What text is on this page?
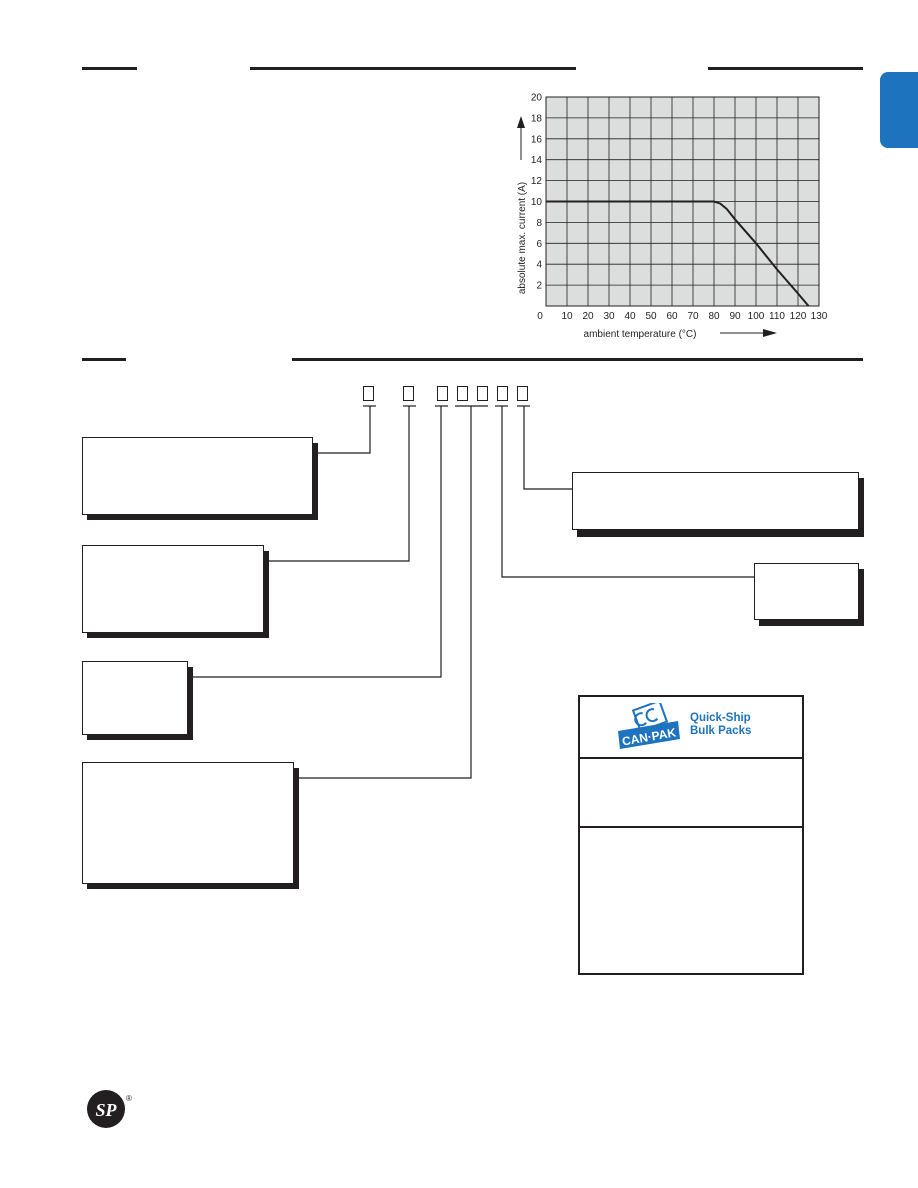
0 10 20 30 40 50 60 70 80 90 100 110 120 130
2
4
6
8
10
12
14
16
18
20
absolute max. current (A)
ambient temperature (°C)
CAN·PAK
Quick-Ship
Bulk Packs
SP
®
